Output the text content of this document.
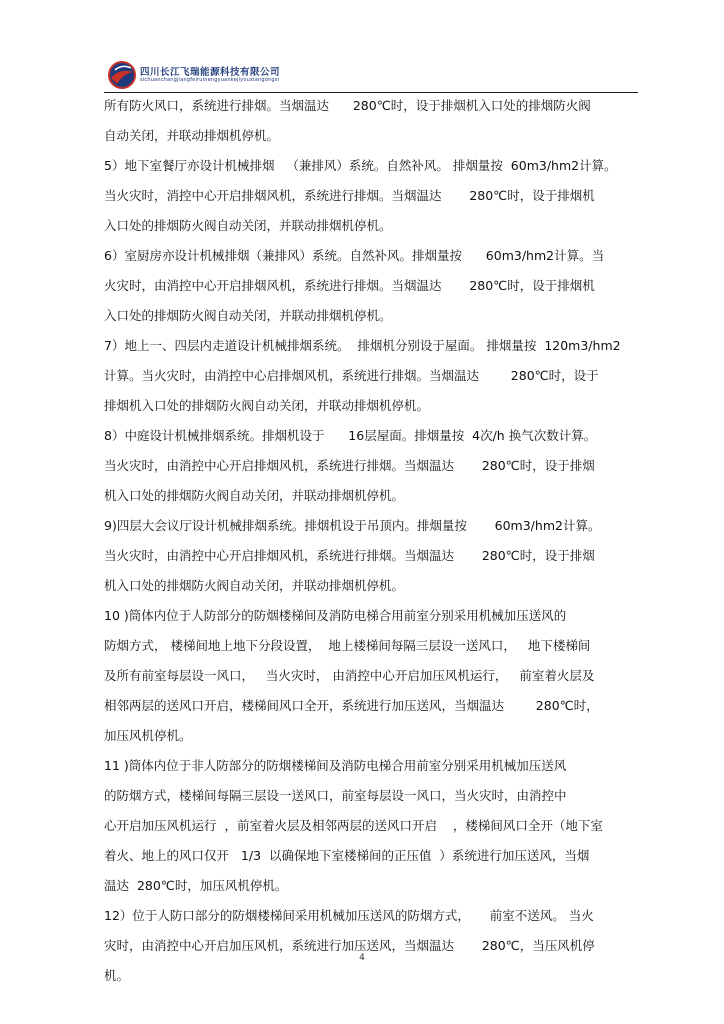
四川长江飞瑞能源科技有限公司
sichuanchangjiangfeiruinengyuankejiyouxiangongsi
所有防火风口，系统进行排烟。当烟温达      280℃时，设于排烟机入口处的排烟防火阀
自动关闭，并联动排烟机停机。
5）地下室餐厅亦设计机械排烟   （兼排风）系统。自然补风。 排烟量按  60m3/hm2计算。
当火灾时，消控中心开启排烟风机，系统进行排烟。当烟温达       280℃时，设于排烟机
入口处的排烟防火阀自动关闭，并联动排烟机停机。
6）室厨房亦设计机械排烟（兼排风）系统。自然补风。排烟量按      60m3/hm2计算。当
火灾时，由消控中心开启排烟风机，系统进行排烟。当烟温达       280℃时，设于排烟机
入口处的排烟防火阀自动关闭，并联动排烟机停机。
7）地上一、四层内走道设计机械排烟系统。  排烟机分别设于屋面。 排烟量按  120m3/hm2
计算。当火灾时，由消控中心启排烟风机，系统进行排烟。当烟温达        280℃时，设于
排烟机入口处的排烟防火阀自动关闭，并联动排烟机停机。
8）中庭设计机械排烟系统。排烟机设于      16层屋面。排烟量按  4次/h 换气次数计算。
当火灾时，由消控中心开启排烟风机，系统进行排烟。当烟温达       280℃时，设于排烟
机入口处的排烟防火阀自动关闭，并联动排烟机停机。
9)四层大会议厅设计机械排烟系统。排烟机设于吊顶内。排烟量按       60m3/hm2计算。
当火灾时，由消控中心开启排烟风机，系统进行排烟。当烟温达       280℃时，设于排烟
机入口处的排烟防火阀自动关闭，并联动排烟机停机。
10 )筒体内位于人防部分的防烟楼梯间及消防电梯合用前室分别采用机械加压送风的
防烟方式， 楼梯间地上地下分段设置，  地上楼梯间每隔三层设一送风口，   地下楼梯间
及所有前室每层设一风口，   当火灾时， 由消控中心开启加压风机运行，   前室着火层及
相邻两层的送风口开启，楼梯间风口全开，系统进行加压送风，当烟温达        280℃时，
加压风机停机。
11 )筒体内位于非人防部分的防烟楼梯间及消防电梯合用前室分别采用机械加压送风
的防烟方式，楼梯间每隔三层设一送风口，前室每层设一风口，当火灾时，由消控中
心开启加压风机运行  ，前室着火层及相邻两层的送风口开启    ，楼梯间风口全开（地下室
着火、地上的风口仅开   1/3  以确保地下室楼梯间的正压值  ）系统进行加压送风，当烟
温达  280℃时，加压风机停机。
12）位于人防口部分的防烟楼梯间采用机械加压送风的防烟方式，     前室不送风。 当火
灾时，由消控中心开启加压风机，系统进行加压送风，当烟温达       280℃，当压风机停
机。
4
